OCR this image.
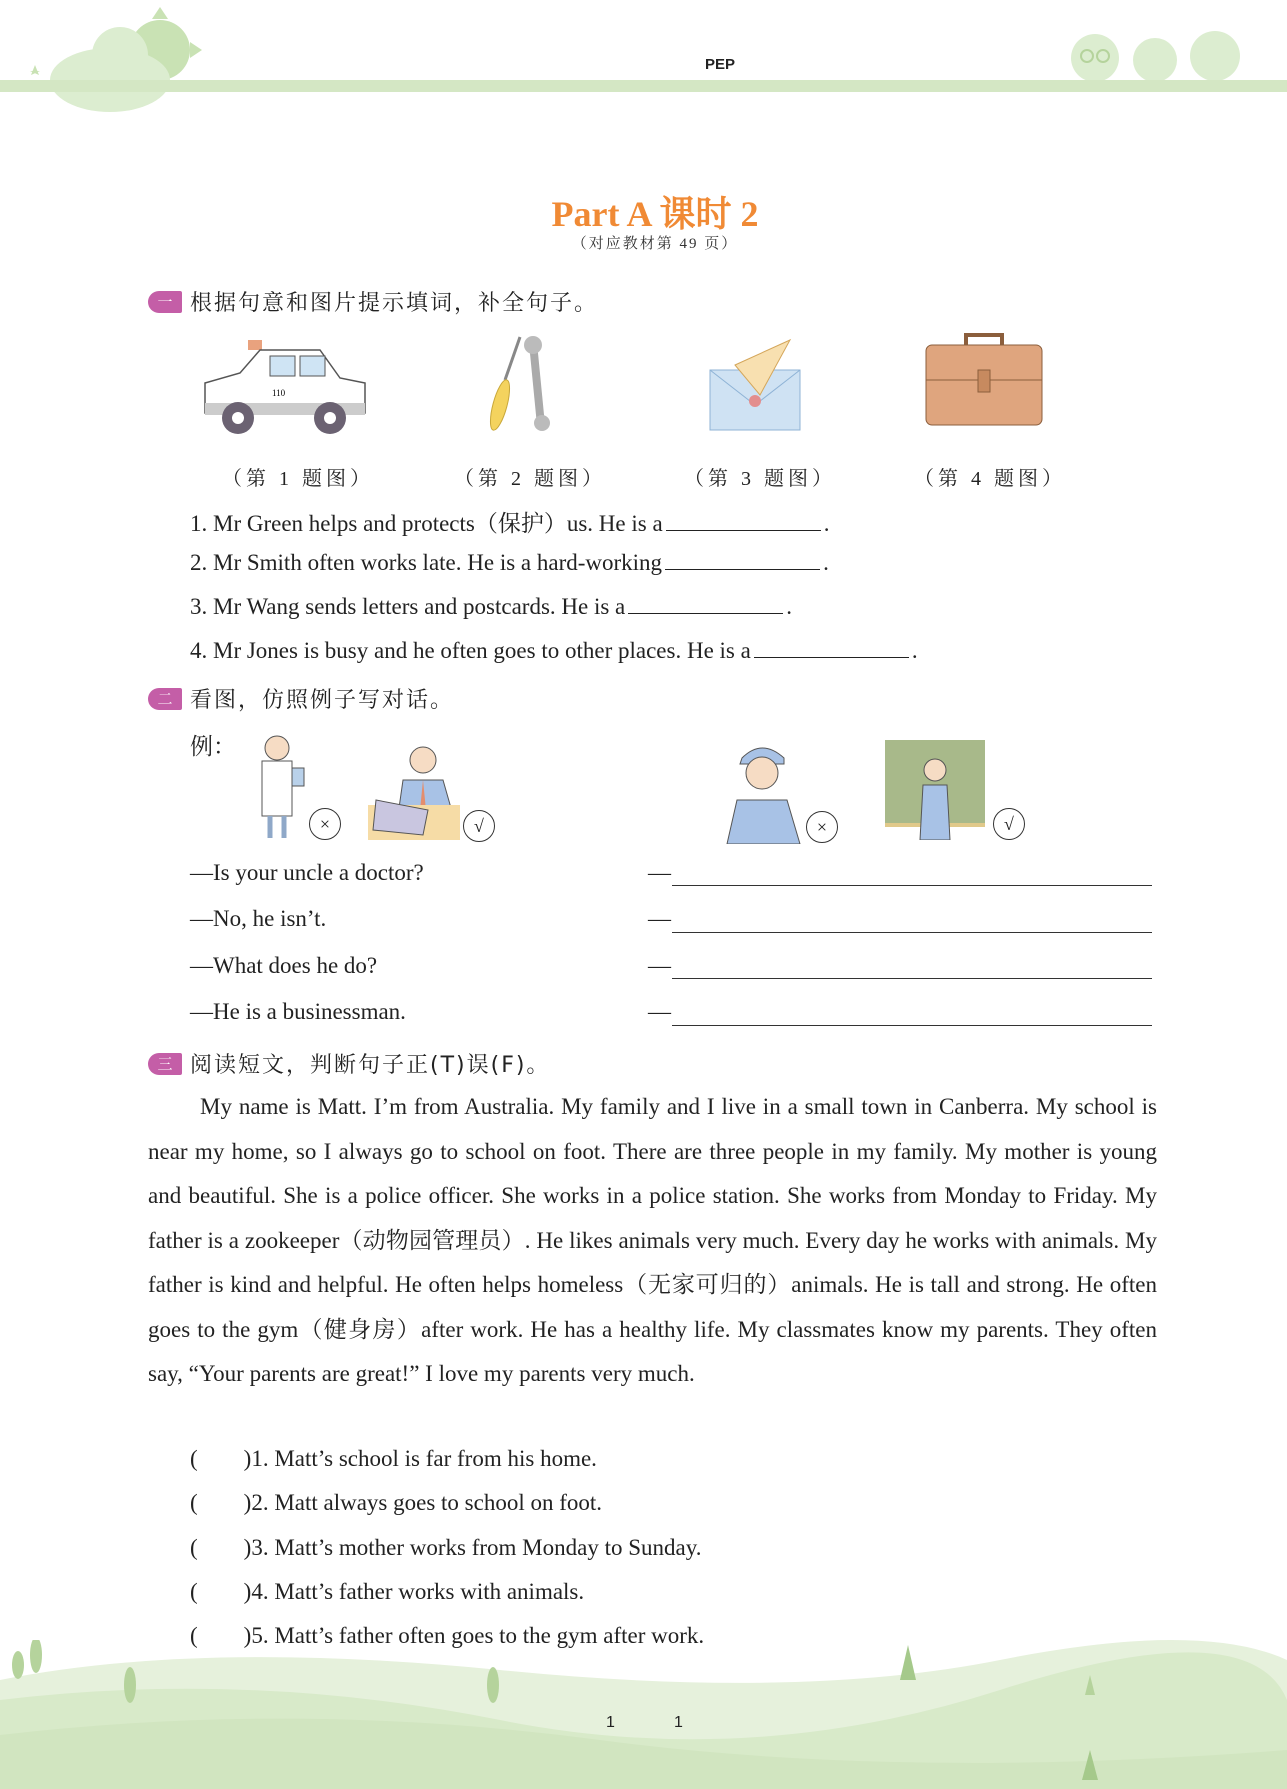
PEP
Part A 课时 2
（对应教材第 49 页）
一 根据句意和图片提示填词，补全句子。
110
（第 1 题图）	（第 2 题图）	（第 3 题图）	（第 4 题图）
1. Mr Green helps and protects（保护）us. He is a	.
2. Mr Smith often works late. He is a hard-working	.
3. Mr Wang sends letters and postcards. He is a	.
4. Mr Jones is busy and he often goes to other places. He is a	.
二 看图，仿照例子写对话。
例：
×	√	×	√
—Is your uncle a doctor?
—No, he isn’t.
—What does he do?
—He is a businessman.
—
—
—
—
三 阅读短文，判断句子正(T)误(F)。

My name is Matt. I’m from Australia. My family and I live in a small town in Canberra. My school is near my home, so I always go to school on foot. There are three people in my family. My mother is young and beautiful. She is a police officer. She works in a police station. She works from Monday to Friday. My father is a zookeeper（动物园管理员）. He likes animals very much. Every day he works with animals. My father is kind and helpful. He often helps homeless（无家可归的）animals. He is tall and strong. He often goes to the gym（健身房）after work. He has a healthy life. My classmates know my parents. They often say, “Your parents are great!” I love my parents very much.

(  )1. Matt’s school is far from his home.
(  )2. Matt always goes to school on foot.
(  )3. Matt’s mother works from Monday to Sunday.
(  )4. Matt’s father works with animals.
(  )5. Matt’s father often goes to the gym after work.
1	1
